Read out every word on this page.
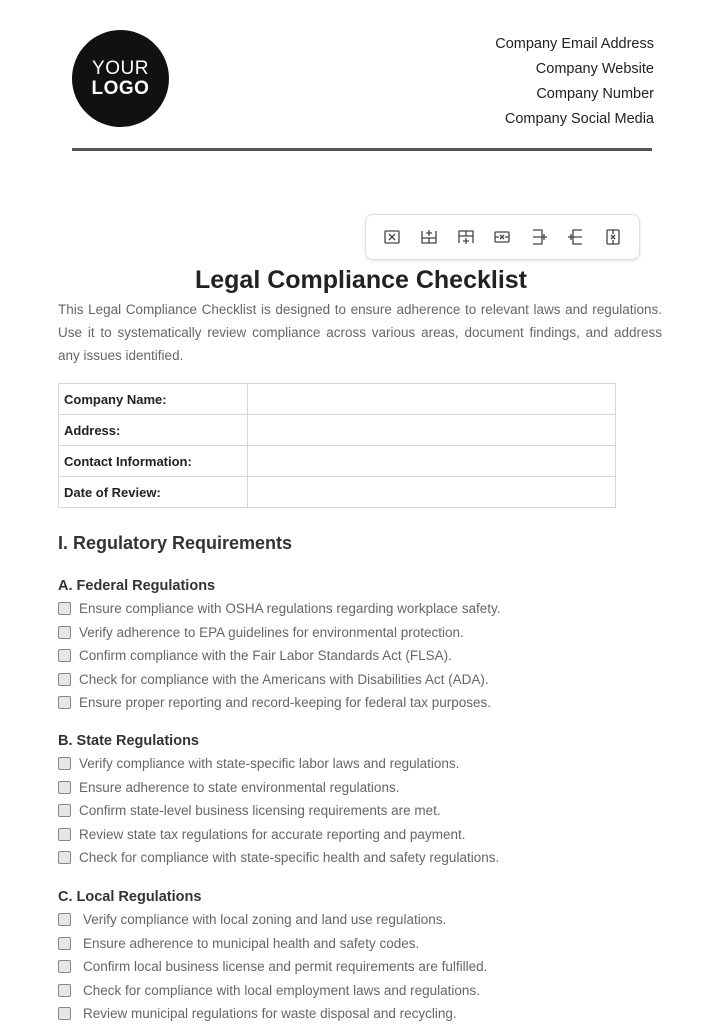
YOUR
LOGO
Company Email Address
Company Website
Company Number
Company Social Media
Legal Compliance Checklist
This Legal Compliance Checklist is designed to ensure adherence to relevant laws and regulations. Use it to systematically review compliance across various areas, document findings, and address any issues identified.
Company Name:	
Address:	
Contact Information:	
Date of Review:	
I. Regulatory Requirements
A. Federal Regulations
Ensure compliance with OSHA regulations regarding workplace safety.
Verify adherence to EPA guidelines for environmental protection.
Confirm compliance with the Fair Labor Standards Act (FLSA).
Check for compliance with the Americans with Disabilities Act (ADA).
Ensure proper reporting and record-keeping for federal tax purposes.
B. State Regulations
Verify compliance with state-specific labor laws and regulations.
Ensure adherence to state environmental regulations.
Confirm state-level business licensing requirements are met.
Review state tax regulations for accurate reporting and payment.
Check for compliance with state-specific health and safety regulations.
C. Local Regulations
Verify compliance with local zoning and land use regulations.
Ensure adherence to municipal health and safety codes.
Confirm local business license and permit requirements are fulfilled.
Check for compliance with local employment laws and regulations.
Review municipal regulations for waste disposal and recycling.
